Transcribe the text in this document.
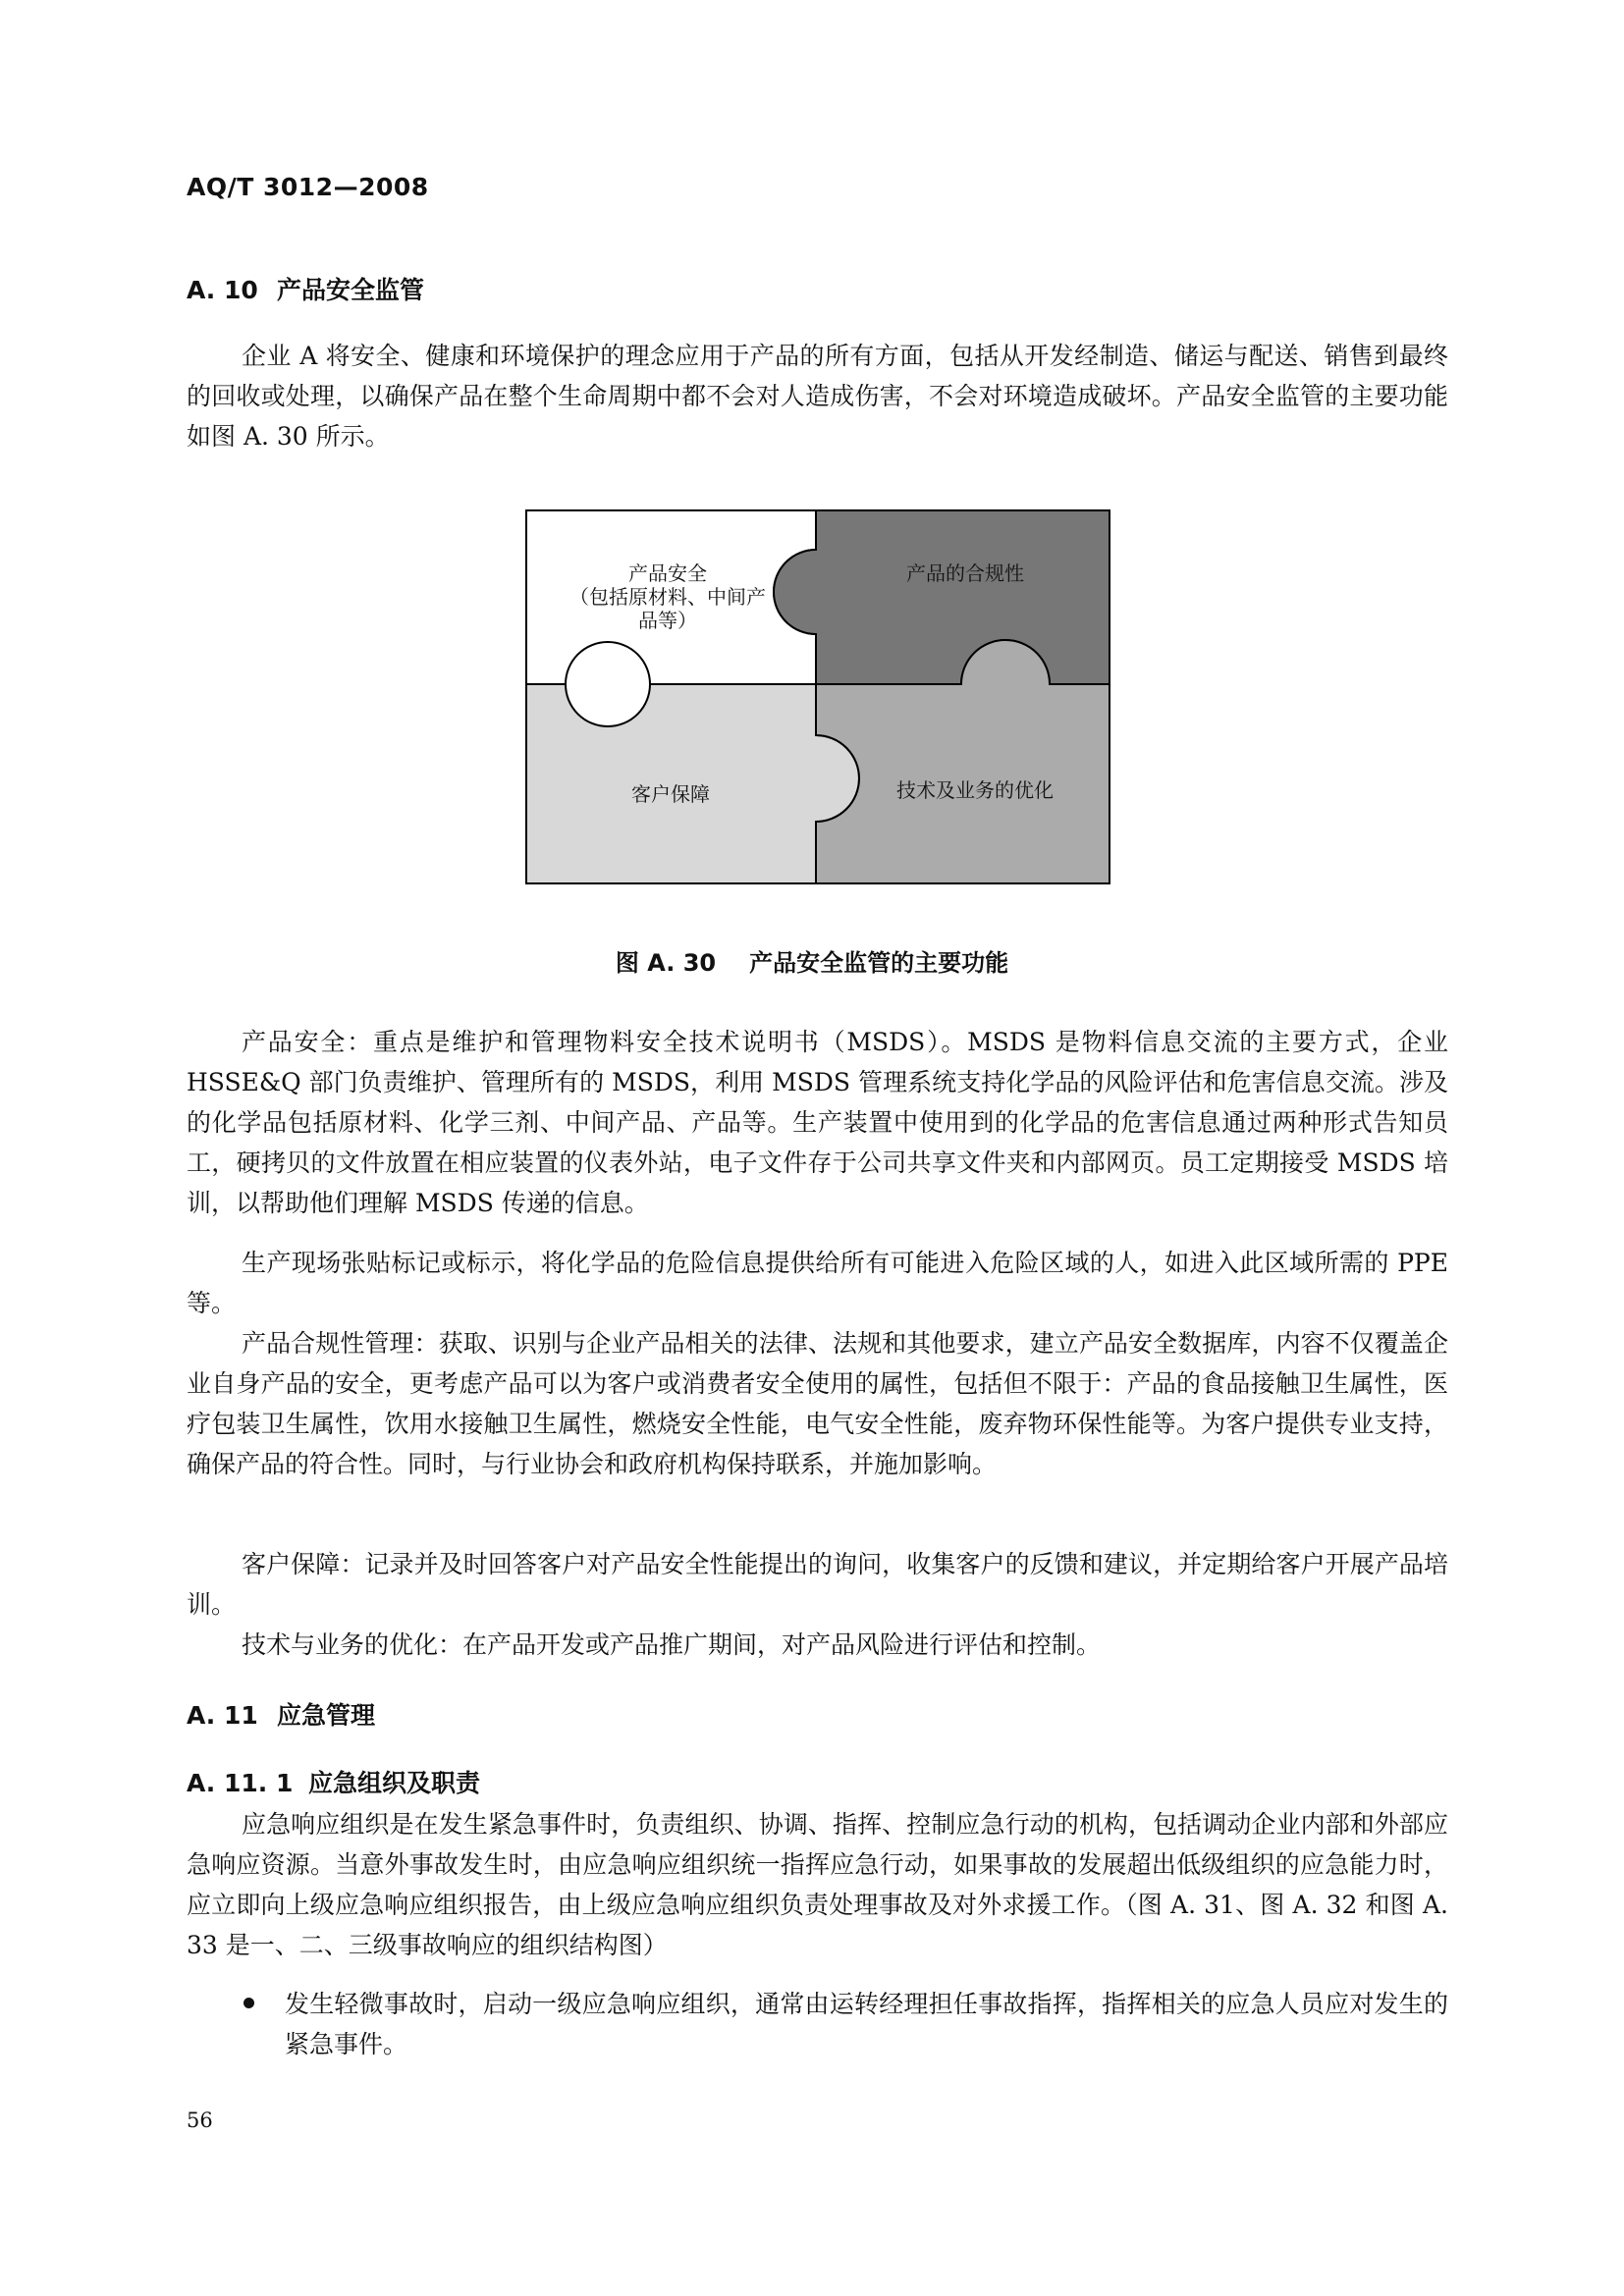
AQ/T 3012—2008
A. 10 产品安全监管

企业 A 将安全、健康和环境保护的理念应用于产品的所有方面，包括从开发经制造、储运与配送、销售到最终的回收或处理，以确保产品在整个生命周期中都不会对人造成伤害，不会对环境造成破坏。产品安全监管的主要功能如图 A. 30 所示。

产品安全
（包括原材料、中间产
品等）
产品的合规性
客户保障	技术及业务的优化
图 A. 30 产品安全监管的主要功能

产品安全：重点是维护和管理物料安全技术说明书（MSDS）。MSDS 是物料信息交流的主要方式，企业 HSSE&Q 部门负责维护、管理所有的 MSDS，利用 MSDS 管理系统支持化学品的风险评估和危害信息交流。涉及的化学品包括原材料、化学三剂、中间产品、产品等。生产装置中使用到的化学品的危害信息通过两种形式告知员工，硬拷贝的文件放置在相应装置的仪表外站，电子文件存于公司共享文件夹和内部网页。员工定期接受 MSDS 培训，以帮助他们理解 MSDS 传递的信息。

生产现场张贴标记或标示，将化学品的危险信息提供给所有可能进入危险区域的人，如进入此区域所需的 PPE 等。

产品合规性管理：获取、识别与企业产品相关的法律、法规和其他要求，建立产品安全数据库，内容不仅覆盖企业自身产品的安全，更考虑产品可以为客户或消费者安全使用的属性，包括但不限于：产品的食品接触卫生属性，医疗包装卫生属性，饮用水接触卫生属性，燃烧安全性能，电气安全性能，废弃物环保性能等。为客户提供专业支持，确保产品的符合性。同时，与行业协会和政府机构保持联系，并施加影响。

客户保障：记录并及时回答客户对产品安全性能提出的询问，收集客户的反馈和建议，并定期给客户开展产品培训。

技术与业务的优化：在产品开发或产品推广期间，对产品风险进行评估和控制。

A. 11 应急管理
A. 11. 1 应急组织及职责

应急响应组织是在发生紧急事件时，负责组织、协调、指挥、控制应急行动的机构，包括调动企业内部和外部应急响应资源。当意外事故发生时，由应急响应组织统一指挥应急行动，如果事故的发展超出低级组织的应急能力时，应立即向上级应急响应组织报告，由上级应急响应组织负责处理事故及对外求援工作。（图 A. 31、图 A. 32 和图 A. 33 是一、二、三级事故响应的组织结构图）

发生轻微事故时，启动一级应急响应组织，通常由运转经理担任事故指挥，指挥相关的应急人员应对发生的紧急事件。

56
